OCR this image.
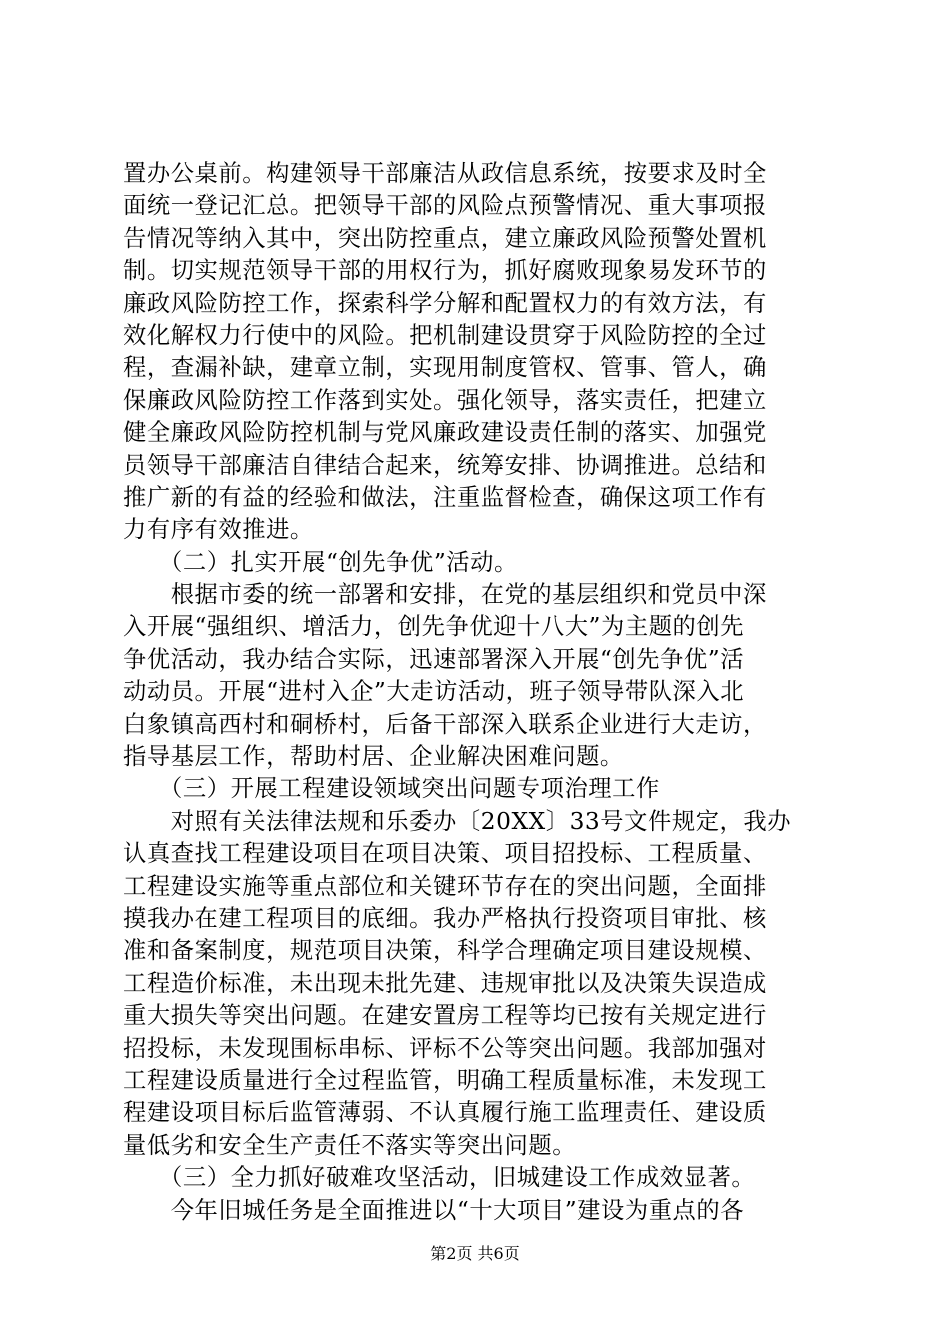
置办公桌前。构建领导干部廉洁从政信息系统，按要求及时全
面统一登记汇总。把领导干部的风险点预警情况、重大事项报
告情况等纳入其中，突出防控重点，建立廉政风险预警处置机
制。切实规范领导干部的用权行为，抓好腐败现象易发环节的
廉政风险防控工作，探索科学分解和配置权力的有效方法，有
效化解权力行使中的风险。把机制建设贯穿于风险防控的全过
程，查漏补缺，建章立制，实现用制度管权、管事、管人，确
保廉政风险防控工作落到实处。强化领导，落实责任，把建立
健全廉政风险防控机制与党风廉政建设责任制的落实、加强党
员领导干部廉洁自律结合起来，统筹安排、协调推进。总结和
推广新的有益的经验和做法，注重监督检查，确保这项工作有
力有序有效推进。
　　（二）扎实开展“创先争优”活动。
　　根据市委的统一部署和安排，在党的基层组织和党员中深
入开展“强组织、增活力，创先争优迎十八大”为主题的创先
争优活动，我办结合实际，迅速部署深入开展“创先争优”活
动动员。开展“进村入企”大走访活动，班子领导带队深入北
白象镇高西村和硐桥村，后备干部深入联系企业进行大走访，
指导基层工作，帮助村居、企业解决困难问题。
　　（三）开展工程建设领域突出问题专项治理工作
　　对照有关法律法规和乐委办〔20XX〕33号文件规定，我办
认真查找工程建设项目在项目决策、项目招投标、工程质量、
工程建设实施等重点部位和关键环节存在的突出问题，全面排
摸我办在建工程项目的底细。我办严格执行投资项目审批、核
准和备案制度，规范项目决策，科学合理确定项目建设规模、
工程造价标准，未出现未批先建、违规审批以及决策失误造成
重大损失等突出问题。在建安置房工程等均已按有关规定进行
招投标，未发现围标串标、评标不公等突出问题。我部加强对
工程建设质量进行全过程监管，明确工程质量标准，未发现工
程建设项目标后监管薄弱、不认真履行施工监理责任、建设质
量低劣和安全生产责任不落实等突出问题。
　　（三）全力抓好破难攻坚活动，旧城建设工作成效显著。
　　今年旧城任务是全面推进以“十大项目”建设为重点的各
第2页 共6页
